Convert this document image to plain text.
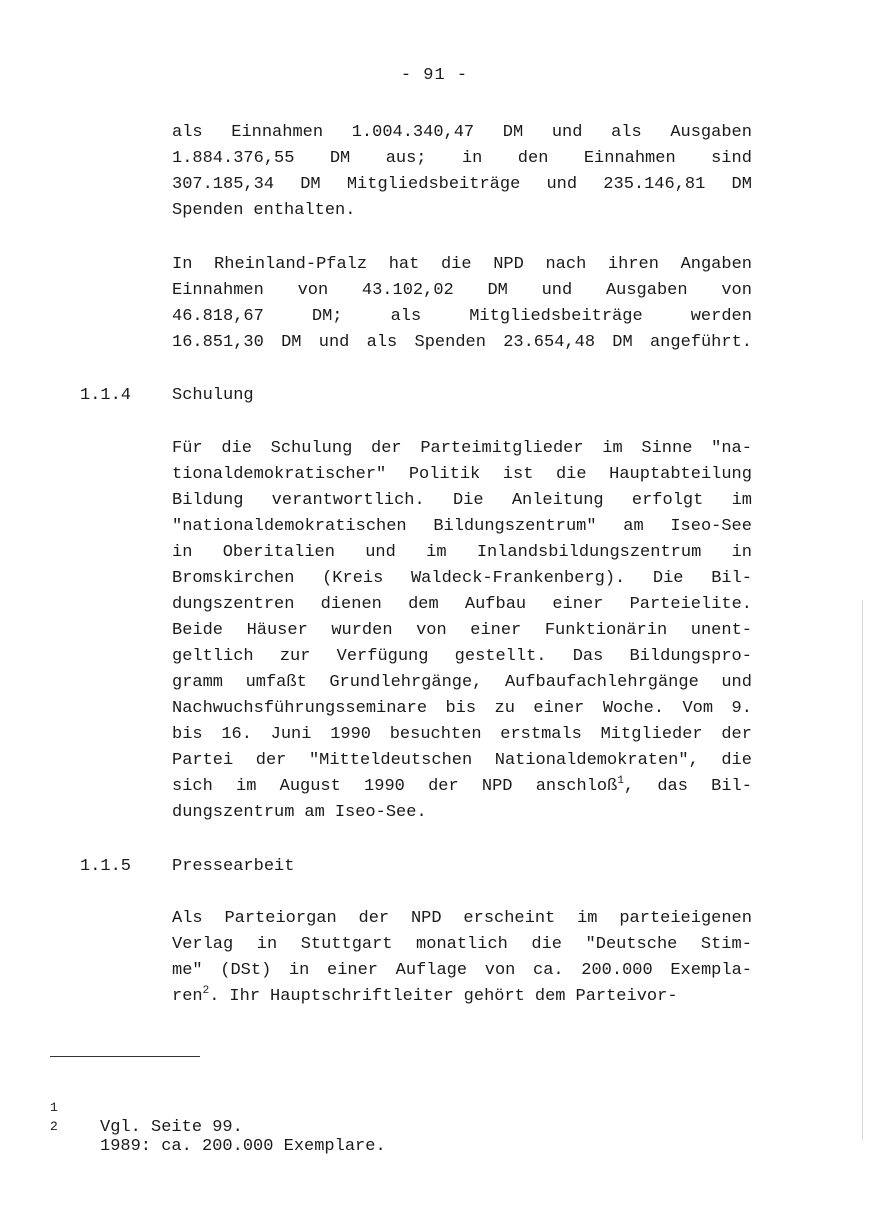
- 91 -
als Einnahmen 1.004.340,47 DM und als Ausgaben
1.884.376,55 DM aus; in den Einnahmen sind
307.185,34 DM Mitgliedsbeiträge und 235.146,81 DM
Spenden enthalten.
In Rheinland-Pfalz hat die NPD nach ihren Angaben
Einnahmen von 43.102,02 DM und Ausgaben von
46.818,67	DM;	als	Mitgliedsbeiträge	werden
16.851,30 DM und als Spenden 23.654,48 DM angeführt.
1.1.4 Schulung
Für die Schulung der Parteimitglieder im Sinne "na-
tionaldemokratischer" Politik ist die Hauptabteilung
Bildung verantwortlich. Die Anleitung erfolgt im
"nationaldemokratischen Bildungszentrum" am Iseo-See
in Oberitalien und im Inlandsbildungszentrum in
Bromskirchen (Kreis Waldeck-Frankenberg). Die Bil-
dungszentren dienen dem Aufbau einer Parteielite.
Beide Häuser wurden von einer Funktionärin unent-
geltlich zur Verfügung gestellt. Das Bildungspro-
gramm umfaßt Grundlehrgänge, Aufbaufachlehrgänge und
Nachwuchsführungsseminare bis zu einer Woche. Vom 9.
bis 16. Juni 1990 besuchten erstmals Mitglieder der
Partei der "Mitteldeutschen Nationaldemokraten", die
sich im August 1990 der NPD anschloß$^1$, das Bil-
dungszentrum am Iseo-See.
1.1.5 Pressearbeit
Als Parteiorgan der NPD erscheint im parteieigenen
Verlag in Stuttgart monatlich die "Deutsche Stim-
me" (DSt) in einer Auflage von ca. 200.000 Exempla-
ren$^2$. Ihr Hauptschriftleiter gehört dem Parteivor-

1

Vgl. Seite 99.

2

1989: ca. 200.000 Exemplare.
